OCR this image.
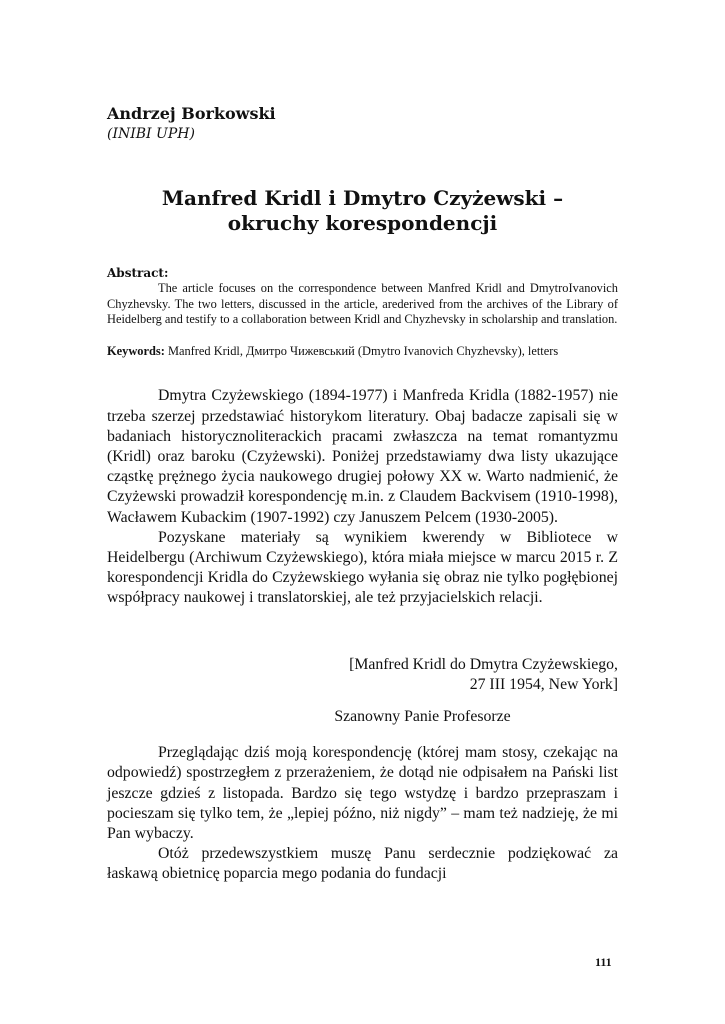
Andrzej Borkowski

(INIBI UPH)

Manfred Kridl i Dmytro Czyżewski –
okruchy korespondencji

Abstract:

The article focuses on the correspondence between Manfred Kridl and DmytroIvanovich Chyzhevsky. The two letters, discussed in the article, arederived from the archives of the Library of Heidelberg and testify to a collaboration between Kridl and Chyzhevsky in scholarship and translation.

Keywords: Manfred Kridl, Дмитро Чижевський (Dmytro Ivanovich Chyzhevsky), letters

Dmytra Czyżewskiego (1894-1977) i Manfreda Kridla (1882-1957) nie trzeba szerzej przedstawiać historykom literatury. Obaj badacze zapisali się w badaniach historycznoliterackich pracami zwłaszcza na temat romantyzmu (Kridl) oraz baroku (Czyżewski). Poniżej przedstawiamy dwa listy ukazujące cząstkę prężnego życia naukowego drugiej połowy XX w. Warto nadmienić, że Czyżewski prowadził korespondencję m.in. z Claudem Backvisem (1910-1998), Wacławem Kubackim (1907-1992) czy Januszem Pelcem (1930-2005).

Pozyskane materiały są wynikiem kwerendy w Bibliotece w Heidelbergu (Archiwum Czyżewskiego), która miała miejsce w marcu 2015 r. Z korespondencji Kridla do Czyżewskiego wyłania się obraz nie tylko pogłębionej współpracy naukowej i translatorskiej, ale też przyjacielskich relacji.

[Manfred Kridl do Dmytra Czyżewskiego,
27 III 1954, New York]

Szanowny Panie Profesorze

Przeglądając dziś moją korespondencję (której mam stosy, czekając na odpowiedź) spostrzegłem z przerażeniem, że dotąd nie odpisałem na Pański list jeszcze gdzieś z listopada. Bardzo się tego wstydzę i bardzo przepraszam i pocieszam się tylko tem, że „lepiej późno, niż nigdy” – mam też nadzieję, że mi Pan wybaczy.

Otóż przedewszystkiem muszę Panu serdecznie podziękować za łaskawą obietnicę poparcia mego podania do fundacji

111
